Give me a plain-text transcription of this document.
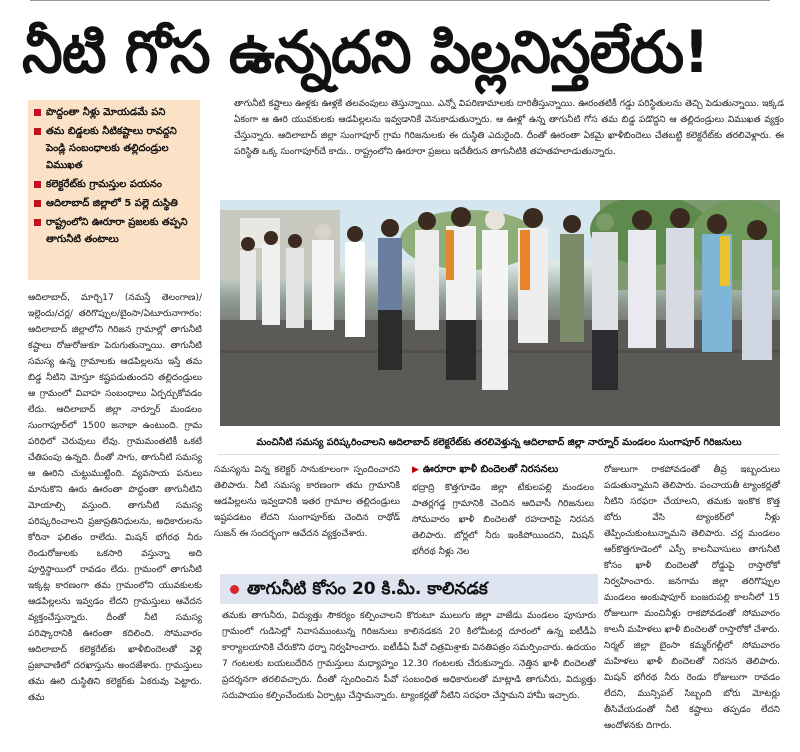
నీటి గోస ఉన్నదని పిల్లనిస్తలేరు!
పొద్దంతా నీళ్లు మోయడమే పని
తమ బిడ్డలకు నీటికష్టాలు రావద్దని పెండ్లి సంబంధాలకు తల్లిదండ్రుల విముఖత
కలెక్టరేట్‌కు గ్రామస్తుల పయనం
ఆదిలాబాద్ జిల్లాలో 5 పల్లె దుస్థితి
రాష్ట్రంలోని ఊరూరా ప్రజలకు తప్పని తాగునీటి తంటాలు
తాగునీటి కష్టాలు ఊళ్లకు ఊళ్లకే తలవంపులు తెస్తున్నాయి. ఎన్నో విపరిణామాలకు దారితీస్తున్నాయి. ఊరంతటికీ గడ్డు పరిస్థితులను తెచ్చి పెడుతున్నాయి. ఇక్కడ ఏకంగా ఆ ఊరి యువకులకు ఆడపిల్లలను ఇవ్వడానికే వెనుకాడుతున్నారు. ఆ ఊళ్లో ఉన్న తాగునీటి గోస తమ బిడ్డ పడొద్దని ఆ తల్లిదండ్రులు విముఖత వ్యక్తం చేస్తున్నారు. ఆదిలాబాద్ జిల్లా సుంగాపూర్ గ్రామ గిరిజనులకు ఈ దుస్థితి ఎదురైంది. దీంతో ఊరంతా ఏకమై ఖాళీబిందెలు చేతబట్టి కలెక్టరేట్‌కు తరలివెళ్లారు. ఈ పరిస్థితి ఒక్క సుంగాపూర్‌దే కాదు.. రాష్ట్రంలోని ఊరూరా ప్రజలు ఇదేతీరున తాగునీటికి తహతహలాడుతున్నారు.
మంచినీటి సమస్య పరిష్కరించాలని ఆదిలాబాద్ కలెక్టరేట్‌కు తరలివెళ్తున్న ఆదిలాబాద్ జిల్లా నార్నూర్ మండలం సుంగాపూర్ గిరిజనులు

ఆదిలాబాద్, మార్చి17 (నమస్తే తెలంగాణ)/ఇల్లెందు/చర్ల/ తరిగొప్పుల/బైంసా/ఏటూరునాగారం: ఆదిలాబాద్ జిల్లాలోని గిరిజన గ్రామాల్లో తాగునీటి కష్టాలు రోజురోజుకూ పెరుగుతున్నాయి. తాగునీటి సమస్య ఉన్న గ్రామాలకు ఆడపిల్లలను ఇస్తే తమ బిడ్డ నీటిని మోస్తూ కష్టపడుతుందని తల్లిదండ్రులు ఆ గ్రామంలో వివాహ సంబంధాలు ఏర్పర్చుకోవడం లేదు. ఆదిలాబాద్ జిల్లా నార్నూర్ మండలం సుంగాపూర్‌లో 1500 జనాభా ఉంటుంది. గ్రామ పరిధిలో చెరువులు లేవు. గ్రామమంతటికీ ఒకటే చేతిపంపు ఉన్నది. దీంతో సాగు, తాగునీటి సమస్య ఆ ఊరిని చుట్టుముట్టింది. వ్యవసాయ పనులు మానుకొని ఊరు ఊరంతా పొద్దంతా తాగునీటిని మోయాల్సి వస్తుంది. తాగునీటి సమస్య పరిష్కరించాలని ప్రజాప్రతినిధులను, అధికారులను కోరినా ఫలితం రాలేదు. మిషన్ భగీరథ నీరు రెండురోజులకు ఒకసారి వస్తున్నా అది పూర్తిస్థాయిలో రావడం లేదు. గ్రామంలో తాగునీటి ఇక్కట్ల కారణంగా తమ గ్రామంలోని యువకులకు ఆడపిల్లలను ఇవ్వడం లేదని గ్రామస్తులు ఆవేదన వ్యక్తంచేస్తున్నారు. దీంతో నీటి సమస్య పరిష్కారానికి ఊరంతా కదిలింది. సోమవారం ఆదిలాబాద్ కలెక్టరేట్‌కు ఖాళీబిందెలతో వెళ్లి ప్రజావాణిలో దరఖాస్తును అందజేశారు. గ్రామస్తులు తమ ఊరి దుస్థితిని కలెక్టర్‌కు ఏకరువు పెట్టారు. తమ

సమస్యను విన్న కలెక్టర్ సానుకూలంగా స్పందించారని తెలిపారు. నీటి సమస్య కారణంగా తమ గ్రామానికి ఆడపిల్లలను ఇవ్వడానికి ఇతర గ్రామాల తల్లిదండ్రులు ఇష్టపడటం లేదని సుంగాపూర్‌కు చెందిన రాథోడ్ సుజన్ ఈ సందర్భంగా ఆవేదన వ్యక్తంచేశారు.

▶ ఊరూరా ఖాళీ బిందెలతో నిరసనలు

భద్రాద్రి కొత్తగూడెం జిల్లా టేకులపల్లి మండలం పాతర్లగడ్డ గ్రామానికి చెందిన ఆదివాసీ గిరిజనులు సోమవారం ఖాళీ బిందెలతో రహదారిపై నిరసన తెలిపారు. బోర్లలో నీరు ఇంకిపోయిందని, మిషన్ భగీరథ నీళ్లు నెల

రోజులుగా రాకపోవడంతో తీవ్ర ఇబ్బందులు పడుతున్నామని తెలిపారు. పంచాయతీ ట్యాంకర్లతో నీటిని సరఫరా చేయాలని, తమకు ఇంకొక కొత్త బోరు వేసి ట్యాంకర్‌లో నీళ్లు తెప్పించుకుంటున్నామని తెలిపారు. చర్ల మండలం ఆర్‌కొత్తగూడెంలో ఎస్సీ కాలనీవాసులు తాగునీటి కోసం ఖాళీ బిందెలతో రోడ్డుపై రాస్తారోకో నిర్వహించారు. జనగామ జిల్లా తరిగొప్పుల మండలం అంకుషాపూర్ బంజరుపల్లి కాలనీలో 15 రోజులుగా మంచినీళ్లు రాకపోవడంతో సోమవారం కాలనీ మహిళలు ఖాళీ బిందెలతో రాస్తారోకో చేశారు. నిర్మల్ జిల్లా బైంసా కమ్మర్‌గల్లీలో సోమవారం మహిళలు ఖాళీ బిందెలతో నిరసన తెలిపారు. మిషన్ భగీరథ నీరు రెండు రోజులుగా రావడం లేదని, మున్సిపల్ సిబ్బంది బోరు మోటర్లు తీసివేయడంతో నీటి కష్టాలు తప్పడం లేదని ఆందోళనకు దిగారు.

తాగునీటి కోసం 20 కి.మీ. కాలినడక

తమకు తాగునీరు, విద్యుత్తు సౌకర్యం కల్పించాలని కొరుటూ ములుగు జిల్లా వాజేడు మండలం పూసూరు గ్రామంలో గుడిసెల్లో నివాసముంటున్న గిరిజనులు కాలినడకన 20 కిలోమీటర్ల దూరంలో ఉన్న ఐటీడీఏ కార్యాలయానికి చేరుకొని ధర్నా నిర్వహించారు. ఐటీడీఏ పీవో చిత్రమిశ్రాకు వినతిపత్రం సమర్పించారు. ఉదయం 7 గంటలకు బయలుదేరిన గ్రామస్తులు మధ్యాహ్నం 12.30 గంటలకు చేరుకున్నారు. నెత్తిన ఖాళీ బిందెలతో ప్రదర్శనగా తరలివచ్చారు. దీంతో స్పందించిన పీవో సంబంధిత అధికారులతో మాట్లాడి తాగునీరు, విద్యుత్తు సదుపాయం కల్పించేందుకు ఏర్పాట్లు చేస్తామన్నారు. ట్యాంకర్లతో నీటిని సరఫరా చేస్తామని హామీ ఇచ్చారు.
